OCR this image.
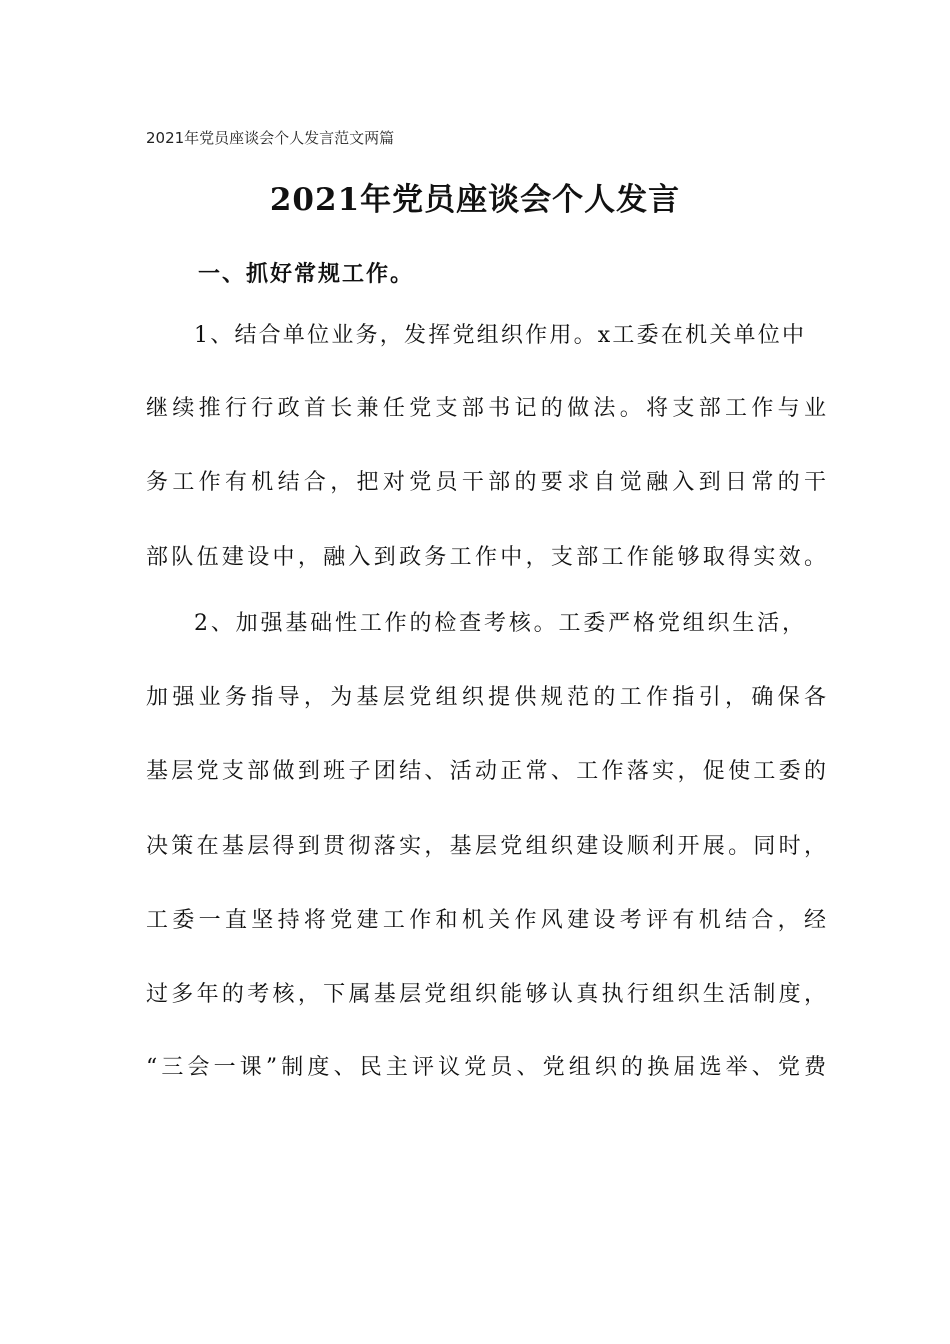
2021年党员座谈会个人发言范文两篇
2021年党员座谈会个人发言
一、抓好常规工作。
1、结合单位业务，发挥党组织作用。x工委在机关单位中
继续推行行政首长兼任党支部书记的做法。将支部工作与业
务工作有机结合，把对党员干部的要求自觉融入到日常的干
部队伍建设中，融入到政务工作中，支部工作能够取得实效。
2、加强基础性工作的检查考核。工委严格党组织生活，
加强业务指导，为基层党组织提供规范的工作指引，确保各
基层党支部做到班子团结、活动正常、工作落实，促使工委的
决策在基层得到贯彻落实，基层党组织建设顺利开展。同时，
工委一直坚持将党建工作和机关作风建设考评有机结合，经
过多年的考核，下属基层党组织能够认真执行组织生活制度，
“三会一课”制度、民主评议党员、党组织的换届选举、党费
